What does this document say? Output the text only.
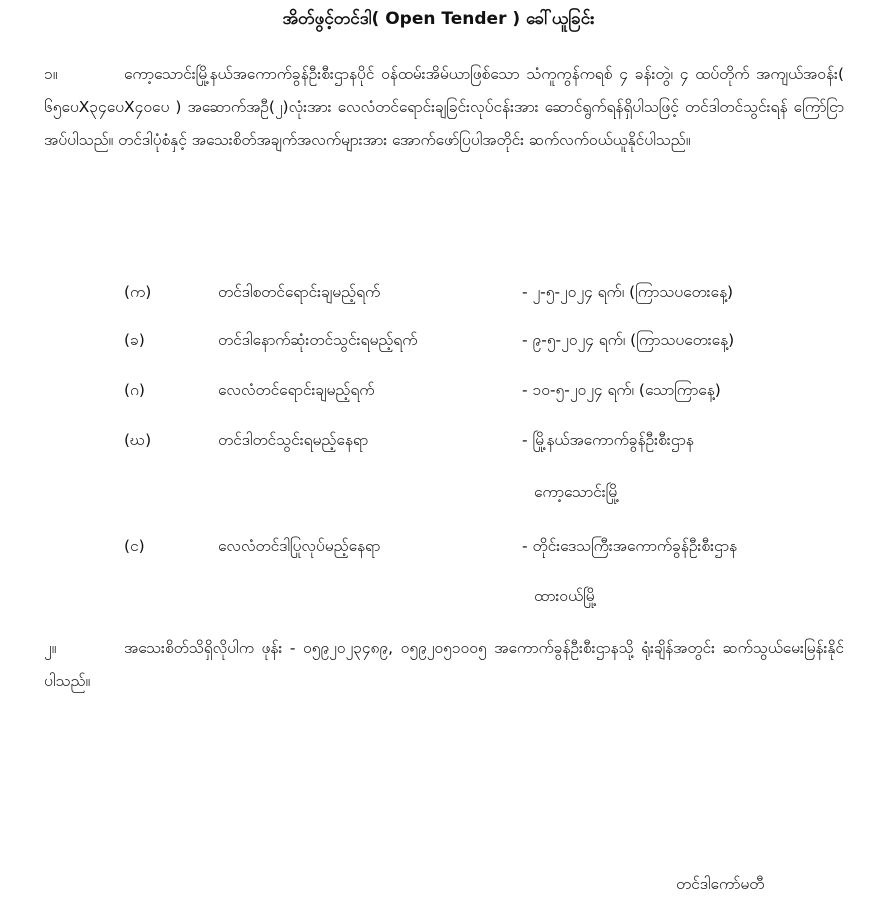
အိတ်ဖွင့်တင်ဒါ( Open Tender ) ခေါ်ယူခြင်း
၁။	ကော့သောင်းမြို့နယ်အကောက်ခွန်ဦးစီးဌာနပိုင် ဝန်ထမ်းအိမ်ယာဖြစ်သော သံကူကွန်ကရစ် ၄ ခန်းတွဲ၊ ၄ ထပ်တိုက် အကျယ်အဝန်း( ၆၅ပေX၃၄ပေX၄၀ပေ ) အဆောက်အဦ(၂)လုံးအား လေလံတင်ရောင်းချခြင်းလုပ်ငန်းအား ဆောင်ရွက်ရန်ရှိပါသဖြင့် တင်ဒါတင်သွင်းရန် ကြော်ငြာအပ်ပါသည်။ တင်ဒါပုံစံနှင့် အသေးစိတ်အချက်အလက်များအား အောက်ဖော်ပြပါအတိုင်း ဆက်လက်ဝယ်ယူနိုင်ပါသည်။
(က)	တင်ဒါစတင်ရောင်းချမည့်ရက်	- ၂-၅-၂၀၂၄ ရက်၊ (ကြာသပတေးနေ့)
(ခ)	တင်ဒါနောက်ဆုံးတင်သွင်းရမည့်ရက်	- ၉-၅-၂၀၂၄ ရက်၊ (ကြာသပတေးနေ့)
(ဂ)	လေလံတင်ရောင်းချမည့်ရက်	- ၁၀-၅-၂၀၂၄ ရက်၊ (သောကြာနေ့)
(ဃ)	တင်ဒါတင်သွင်းရမည့်နေရာ	- မြို့နယ်အကောက်ခွန်ဦးစီးဌာန
ကော့သောင်းမြို့
(င)	လေလံတင်ဒါပြုလုပ်မည့်နေရာ	- တိုင်းဒေသကြီးအကောက်ခွန်ဦးစီးဌာန
ထားဝယ်မြို့
၂။	အသေးစိတ်သိရှိလိုပါက ဖုန်း - ၀၅၉၂၀၂၃၄၈၉, ၀၅၉၂၀၅၁၀၀၅ အကောက်ခွန်ဦးစီးဌာနသို့ ရုံးချိန်အတွင်း ဆက်သွယ်မေးမြန်းနိုင်ပါသည်။
တင်ဒါကော်မတီ
